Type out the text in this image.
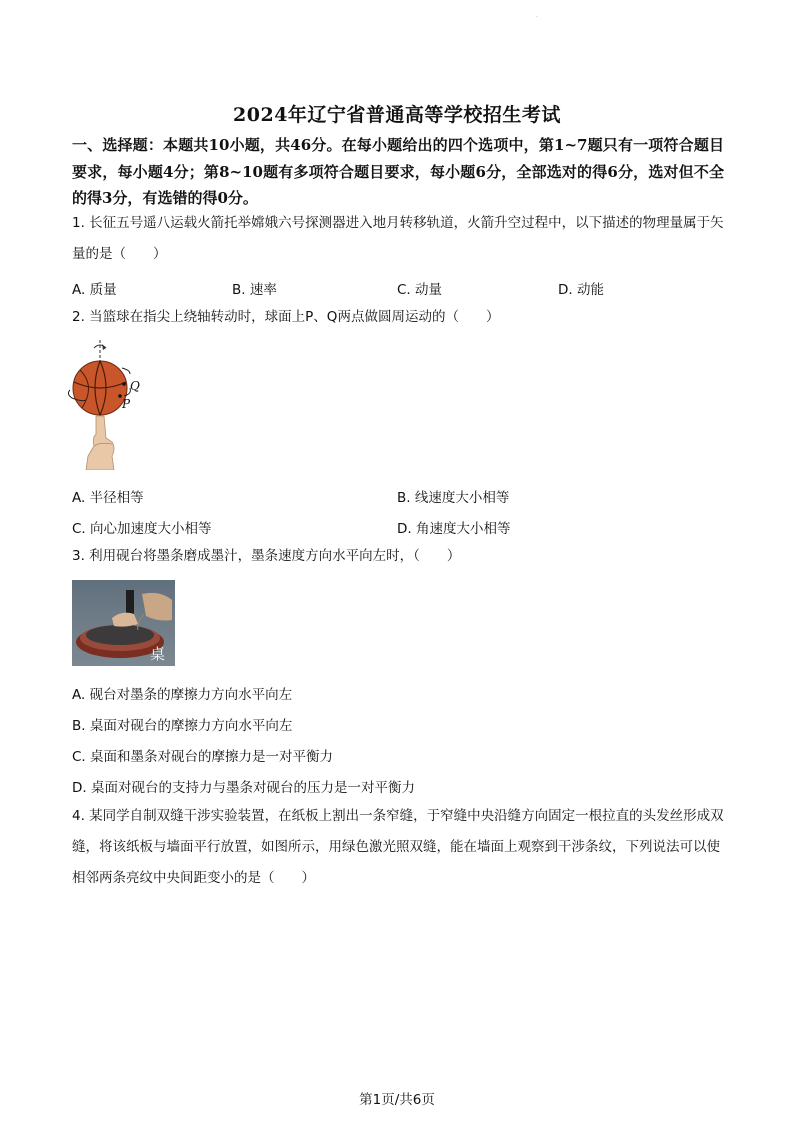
.
2024年辽宁省普通高等学校招生考试
一、选择题：本题共10小题，共46分。在每小题给出的四个选项中，第1~7题只有一项符合题目要求，每小题4分；第8~10题有多项符合题目要求，每小题6分，全部选对的得6分，选对但不全的得3分，有选错的得0分。
1. 长征五号遥八运载火箭托举嫦娥六号探测器进入地月转移轨道，火箭升空过程中，以下描述的物理量属于矢量的是（　　）
A. 质量	B. 速率	C. 动量	D. 动能
2. 当篮球在指尖上绕轴转动时，球面上P、Q两点做圆周运动的（　　）
Q
P
A. 半径相等	B. 线速度大小相等
C. 向心加速度大小相等	D. 角速度大小相等
3. 利用砚台将墨条磨成墨汁，墨条速度方向水平向左时，（　　）
桌
A. 砚台对墨条的摩擦力方向水平向左
B. 桌面对砚台的摩擦力方向水平向左
C. 桌面和墨条对砚台的摩擦力是一对平衡力
D. 桌面对砚台的支持力与墨条对砚台的压力是一对平衡力
4. 某同学自制双缝干涉实验装置，在纸板上割出一条窄缝，于窄缝中央沿缝方向固定一根拉直的头发丝形成双缝，将该纸板与墙面平行放置，如图所示，用绿色激光照双缝，能在墙面上观察到干涉条纹，下列说法可以使相邻两条亮纹中央间距变小的是（　　）
第1页/共6页
